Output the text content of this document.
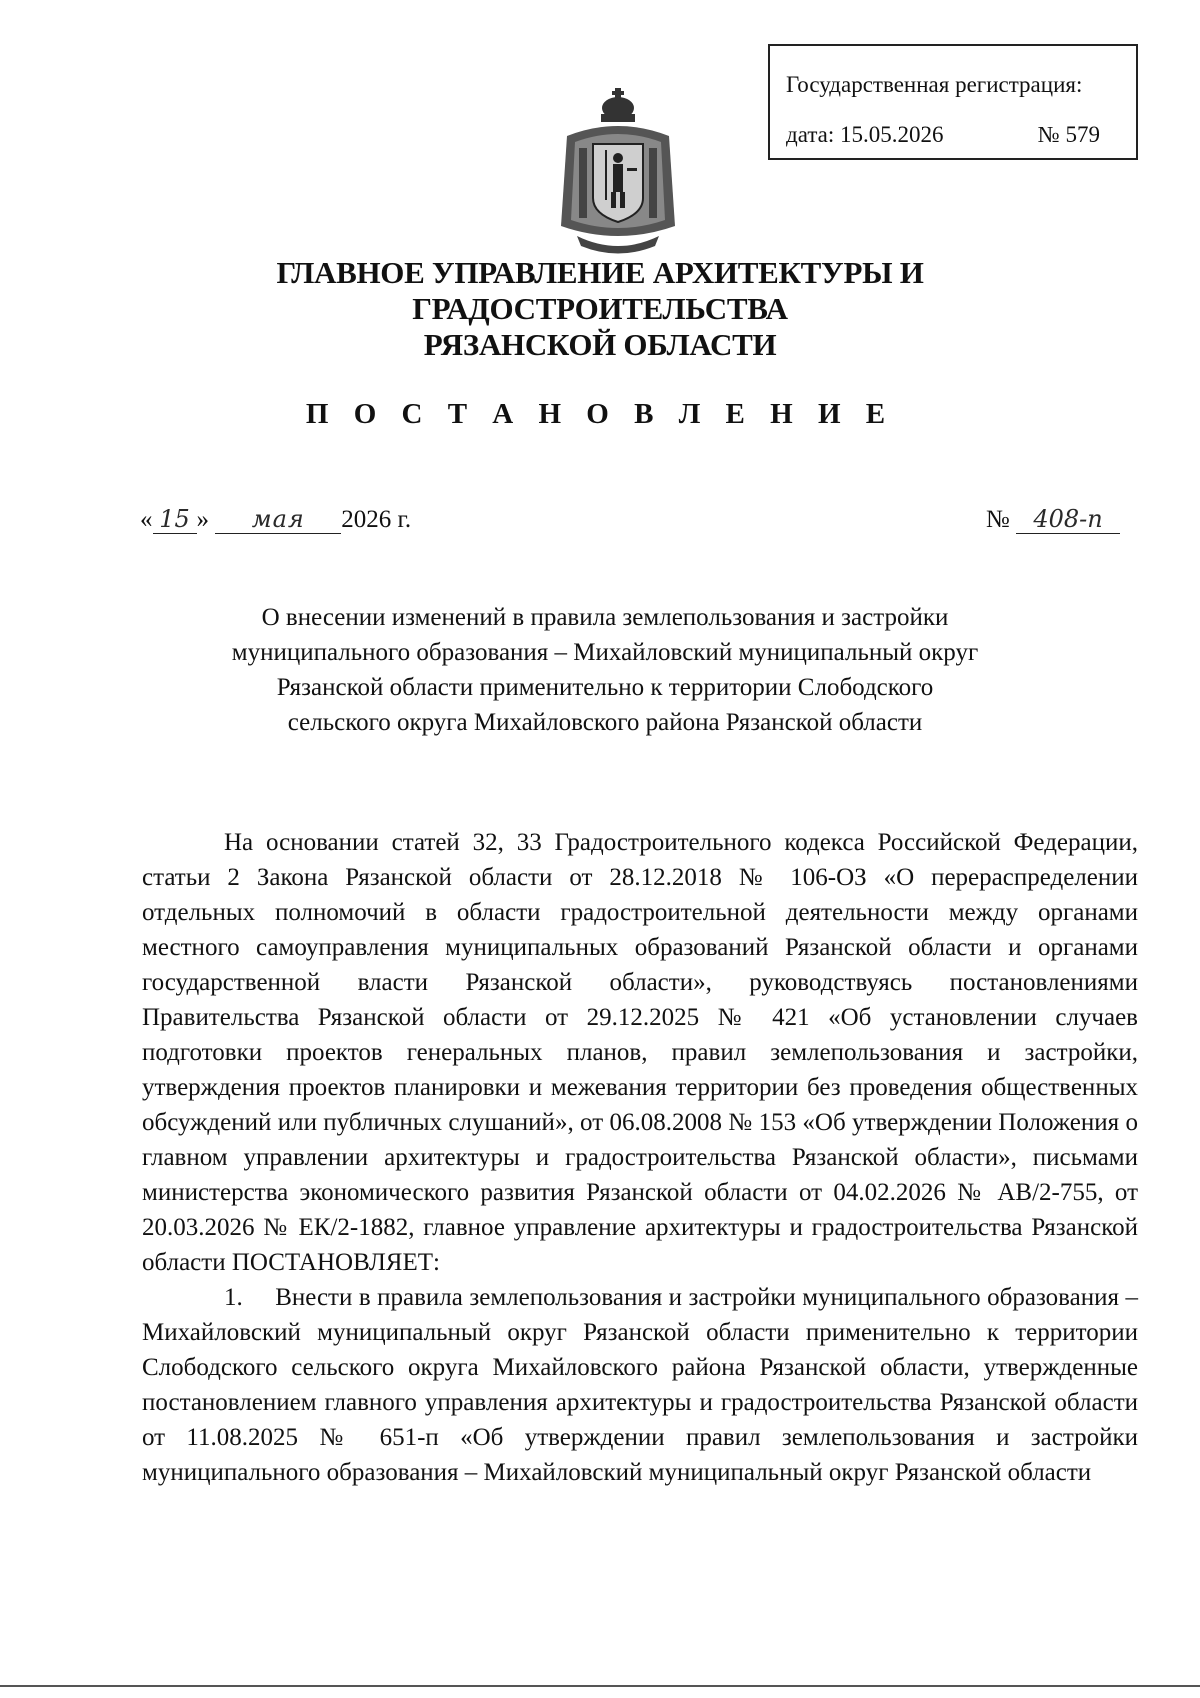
Государственная регистрация:
дата: 15.05.2026	№ 579
ГЛАВНОЕ УПРАВЛЕНИЕ АРХИТЕКТУРЫ И ГРАДОСТРОИТЕЛЬСТВА
РЯЗАНСКОЙ ОБЛАСТИ
П О С Т А Н О В Л Е Н И Е
« 15 » мая 2026 г.	№ 408-п
О внесении изменений в правила землепользования и застройки
муниципального образования – Михайловский муниципальный округ
Рязанской области применительно к территории Слободского
сельского округа Михайловского района Рязанской области

На основании статей 32, 33 Градостроительного кодекса Российской Федерации, статьи 2 Закона Рязанской области от 28.12.2018 № 106-ОЗ «О перераспределении отдельных полномочий в области градостроительной деятельности между органами местного самоуправления муниципальных образований Рязанской области и органами государственной власти Рязанской области», руководствуясь постановлениями Правительства Рязанской области от 29.12.2025 № 421 «Об установлении случаев подготовки проектов генеральных планов, правил землепользования и застройки, утверждения проектов планировки и межевания территории без проведения общественных обсуждений или публичных слушаний», от 06.08.2008 № 153 «Об утверждении Положения о главном управлении архитектуры и градостроительства Рязанской области», письмами министерства экономического развития Рязанской области от 04.02.2026 № АВ/2-755, от 20.03.2026 № ЕК/2-1882, главное управление архитектуры и градостроительства Рязанской области ПОСТАНОВЛЯЕТ:

1. Внести в правила землепользования и застройки муниципального образования – Михайловский муниципальный округ Рязанской области применительно к территории Слободского сельского округа Михайловского района Рязанской области, утвержденные постановлением главного управления архитектуры и градостроительства Рязанской области от 11.08.2025 № 651-п «Об утверждении правил землепользования и застройки муниципального образования – Михайловский муниципальный округ Рязанской области
